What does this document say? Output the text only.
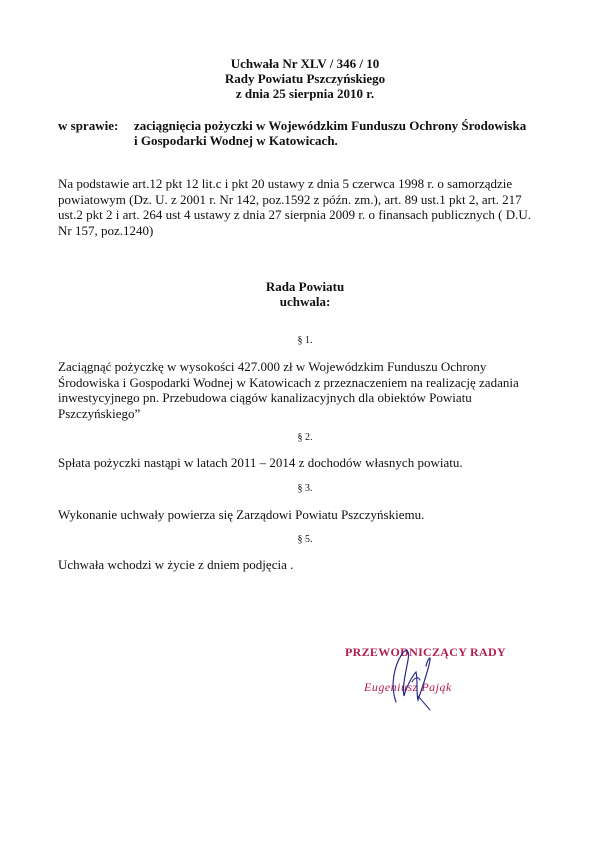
Uchwała Nr XLV / 346 / 10
Rady Powiatu Pszczyńskiego
z dnia 25 sierpnia 2010 r.
w sprawie: zaciągnięcia pożyczki w Wojewódzkim Funduszu Ochrony Środowiska
i Gospodarki Wodnej w Katowicach.
Na podstawie art.12 pkt 12 lit.c i pkt 20 ustawy z dnia 5 czerwca 1998 r. o samorządzie
powiatowym (Dz. U. z 2001 r. Nr 142, poz.1592 z późn. zm.), art. 89 ust.1 pkt 2, art. 217
ust.2 pkt 2 i art. 264 ust 4 ustawy z dnia 27 sierpnia 2009 r. o finansach publicznych ( D.U.
Nr 157, poz.1240)
Rada Powiatu
uchwala:
§ 1.
Zaciągnąć pożyczkę w wysokości 427.000 zł w Wojewódzkim Funduszu Ochrony
Środowiska i Gospodarki Wodnej w Katowicach z przeznaczeniem na realizację zadania
inwestycyjnego pn. Przebudowa ciągów kanalizacyjnych dla obiektów Powiatu
Pszczyńskiego”
§ 2.
Spłata pożyczki nastąpi w latach 2011 – 2014 z dochodów własnych powiatu.
§ 3.
Wykonanie uchwały powierza się Zarządowi Powiatu Pszczyńskiemu.
§ 5.
Uchwała wchodzi w życie z dniem podjęcia .
PRZEWODNICZĄCY RADY
Eugeniusz Pająk
